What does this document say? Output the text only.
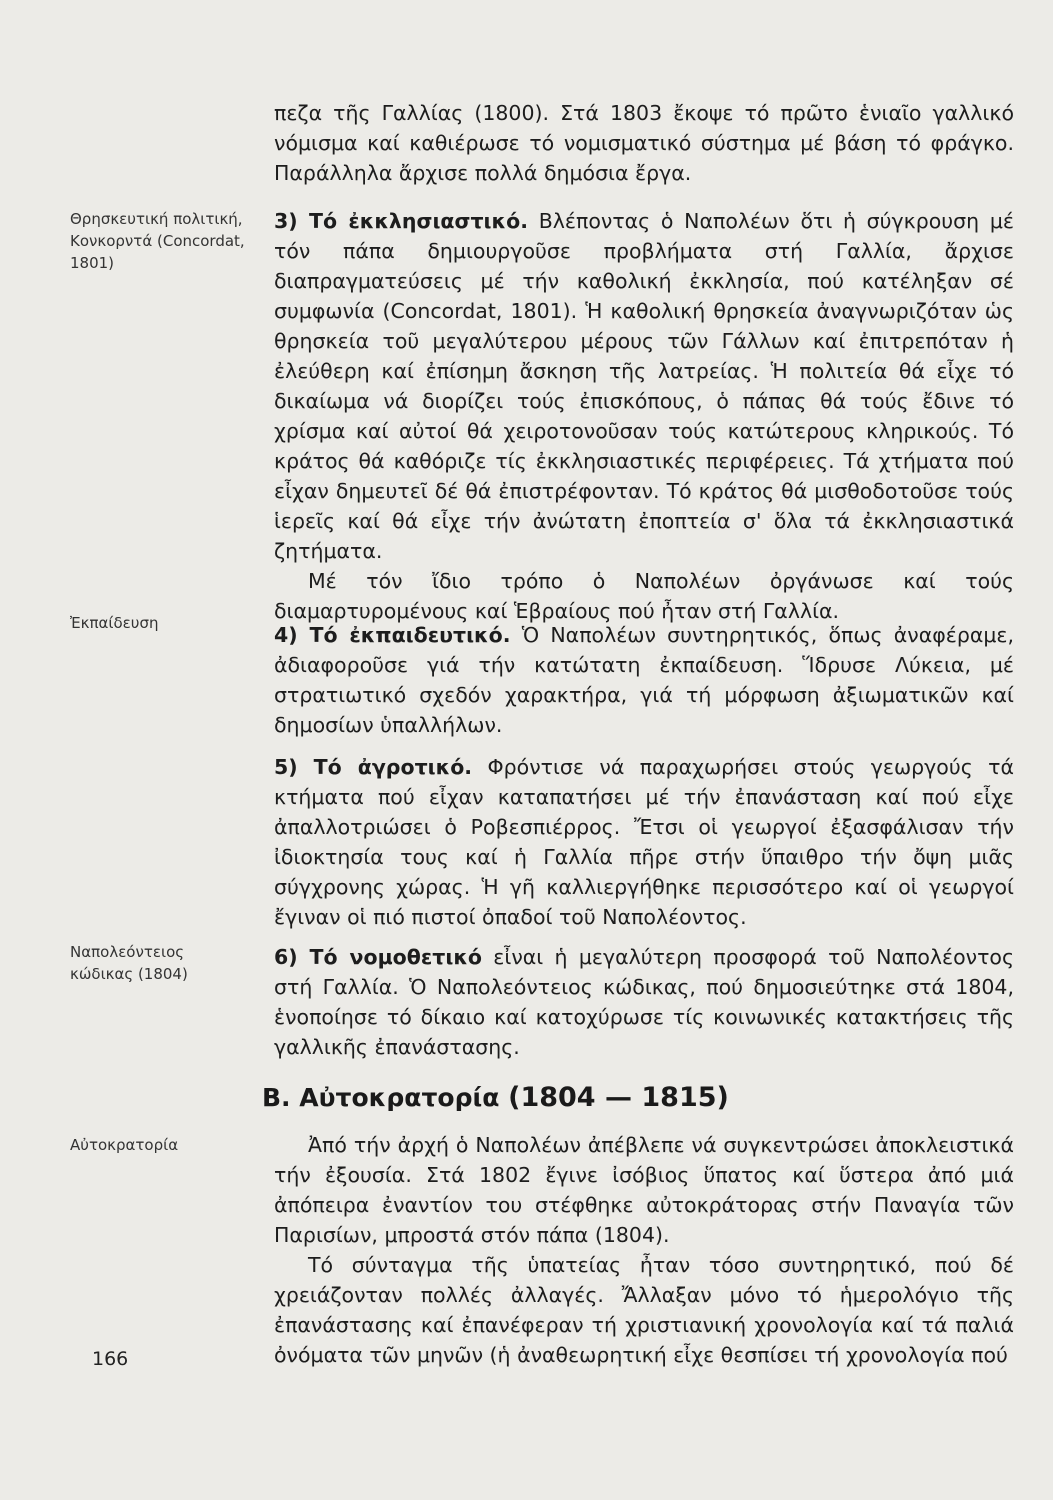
Θρησκευτική πολιτική, Κονκορντά (Concordat, 1801)
Ἐκπαίδευση
Ναπολεόντειος κώδικας (1804)
Αὐτοκρατορία
166

πεζα τῆς Γαλλίας (1800). Στά 1803 ἔκοψε τό πρῶτο ἑνιαῖο γαλλικό νόμισμα καί καθιέρωσε τό νομισματικό σύστημα μέ βάση τό φράγκο. Παράλληλα ἄρχισε πολλά δημόσια ἔργα.

3) Τό ἐκκλησιαστικό. Βλέποντας ὁ Ναπολέων ὅτι ἡ σύγκρουση μέ τόν πάπα δημιουργοῦσε προβλήματα στή Γαλλία, ἄρχισε διαπραγματεύσεις μέ τήν καθολική ἐκκλησία, πού κατέληξαν σέ συμφωνία (Concordat, 1801). Ἡ καθολική θρησκεία ἀναγνωριζόταν ὡς θρησκεία τοῦ μεγαλύτερου μέρους τῶν Γάλλων καί ἐπιτρεπόταν ἡ ἐλεύθερη καί ἐπίσημη ἄσκηση τῆς λατρείας. Ἡ πολιτεία θά εἶχε τό δικαίωμα νά διορίζει τούς ἐπισκόπους, ὁ πάπας θά τούς ἔδινε τό χρίσμα καί αὐτοί θά χειροτονοῦσαν τούς κατώτερους κληρικούς. Τό κράτος θά καθόριζε τίς ἐκκλησιαστικές περιφέρειες. Τά χτήματα πού εἶχαν δημευτεῖ δέ θά ἐπιστρέφονταν. Τό κράτος θά μισθοδοτοῦσε τούς ἱερεῖς καί θά εἶχε τήν ἀνώτατη ἐποπτεία σ' ὅλα τά ἐκκλησιαστικά ζητήματα.

Μέ τόν ἴδιο τρόπο ὁ Ναπολέων ὀργάνωσε καί τούς διαμαρτυρομένους καί Ἑβραίους πού ἦταν στή Γαλλία.

4) Τό ἐκπαιδευτικό. Ὁ Ναπολέων συντηρητικός, ὅπως ἀναφέραμε, ἀδιαφοροῦσε γιά τήν κατώτατη ἐκπαίδευση. Ἵδρυσε Λύκεια, μέ στρατιωτικό σχεδόν χαρακτήρα, γιά τή μόρφωση ἀξιωματικῶν καί δημοσίων ὑπαλλήλων.

5) Τό ἀγροτικό. Φρόντισε νά παραχωρήσει στούς γεωργούς τά κτήματα πού εἶχαν καταπατήσει μέ τήν ἐπανάσταση καί πού εἶχε ἀπαλλοτριώσει ὁ Ροβεσπιέρρος. Ἔτσι οἱ γεωργοί ἐξασφάλισαν τήν ἰδιοκτησία τους καί ἡ Γαλλία πῆρε στήν ὕπαιθρο τήν ὄψη μιᾶς σύγχρονης χώρας. Ἡ γῆ καλλιεργήθηκε περισσότερο καί οἱ γεωργοί ἔγιναν οἱ πιό πιστοί ὀπαδοί τοῦ Ναπολέοντος.

6) Τό νομοθετικό εἶναι ἡ μεγαλύτερη προσφορά τοῦ Ναπολέοντος στή Γαλλία. Ὁ Ναπολεόντειος κώδικας, πού δημοσιεύτηκε στά 1804, ἑνοποίησε τό δίκαιο καί κατοχύρωσε τίς κοινωνικές κατακτήσεις τῆς γαλλικῆς ἐπανάστασης.

Β. Αὐτοκρατορία (1804 — 1815)

Ἀπό τήν ἀρχή ὁ Ναπολέων ἀπέβλεπε νά συγκεντρώσει ἀποκλειστικά τήν ἐξουσία. Στά 1802 ἔγινε ἰσόβιος ὕπατος καί ὕστερα ἀπό μιά ἀπόπειρα ἐναντίον του στέφθηκε αὐτοκράτορας στήν Παναγία τῶν Παρισίων, μπροστά στόν πάπα (1804).

Τό σύνταγμα τῆς ὑπατείας ἦταν τόσο συντηρητικό, πού δέ χρειάζονταν πολλές ἀλλαγές. Ἄλλαξαν μόνο τό ἡμερολόγιο τῆς ἐπανάστασης καί ἐπανέφεραν τή χριστιανική χρονολογία καί τά παλιά ὀνόματα τῶν μηνῶν (ἡ ἀναθεωρητική εἶχε θεσπίσει τή χρονολογία πού
